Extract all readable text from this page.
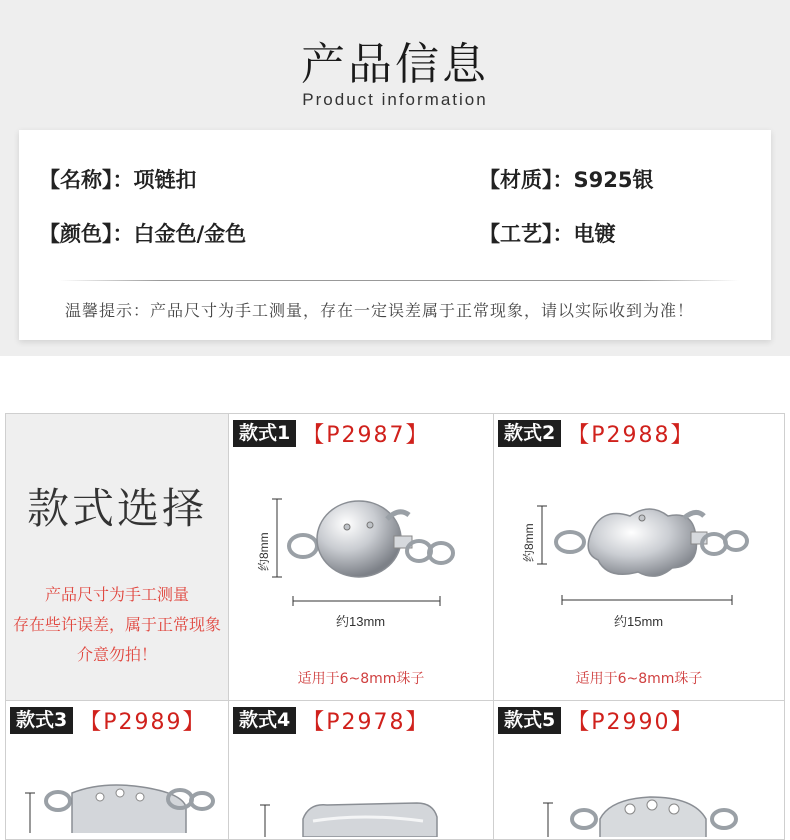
产品信息
Product information
【名称】：项链扣	【材质】：S925银
【颜色】：白金色/金色	【工艺】：电镀
温馨提示：产品尺寸为手工测量，存在一定误差属于正常现象，请以实际收到为准！
款式选择
产品尺寸为手工测量
存在些许误差，属于正常现象
介意勿拍！
款式1 【P2987】
约8mm
约13mm
适用于6~8mm珠子
款式2 【P2988】
约8mm
约15mm
适用于6~8mm珠子
款式3 【P2989】	款式4 【P2978】	款式5 【P2990】
